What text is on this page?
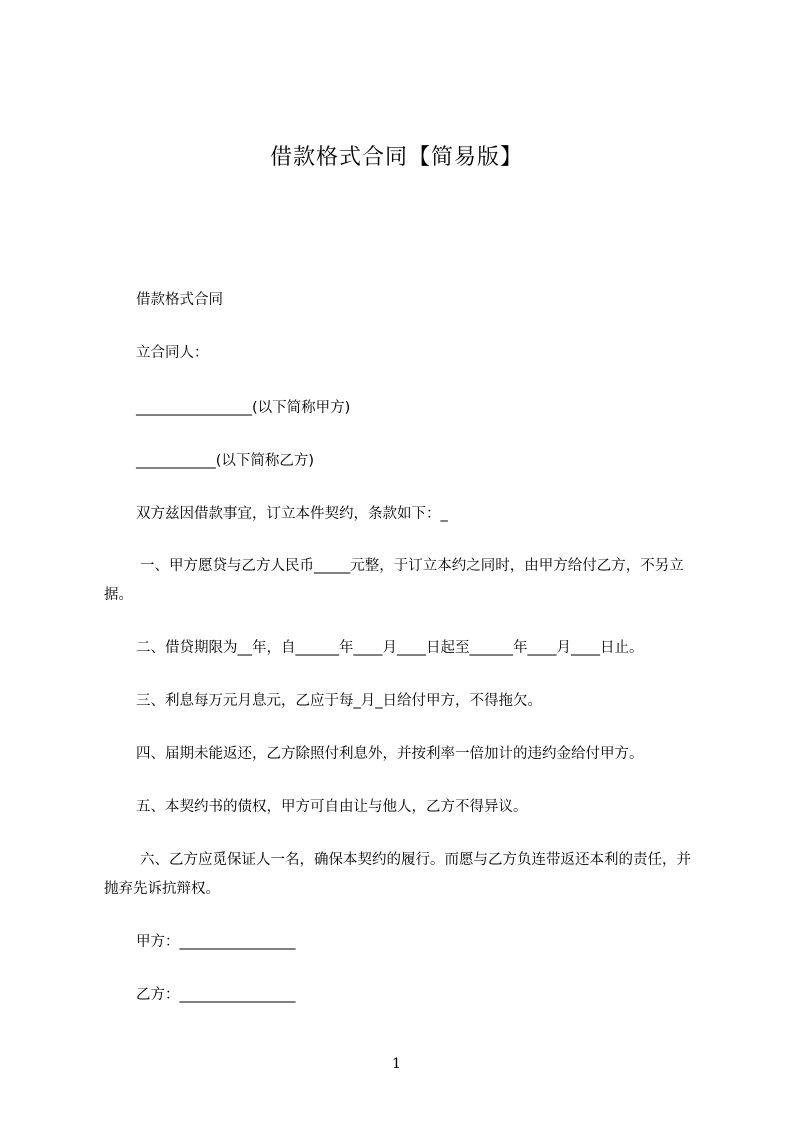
借款格式合同【简易版】
借款格式合同
立合同人：
________________(以下简称甲方)
___________(以下简称乙方)
双方兹因借款事宜，订立本件契约，条款如下：_
一、甲方愿贷与乙方人民币_____元整，于订立本约之同时，由甲方给付乙方，不另立据。
二、借贷期限为__年，自______年____月____日起至______年____月____日止。
三、利息每万元月息元，乙应于每_月_日给付甲方，不得拖欠。
四、届期未能返还，乙方除照付利息外，并按利率一倍加计的违约金给付甲方。
五、本契约书的债权，甲方可自由让与他人，乙方不得异议。
六、乙方应觅保证人一名，确保本契约的履行。而愿与乙方负连带返还本利的责任，并抛弃先诉抗辩权。
甲方：________________
乙方：________________
1
